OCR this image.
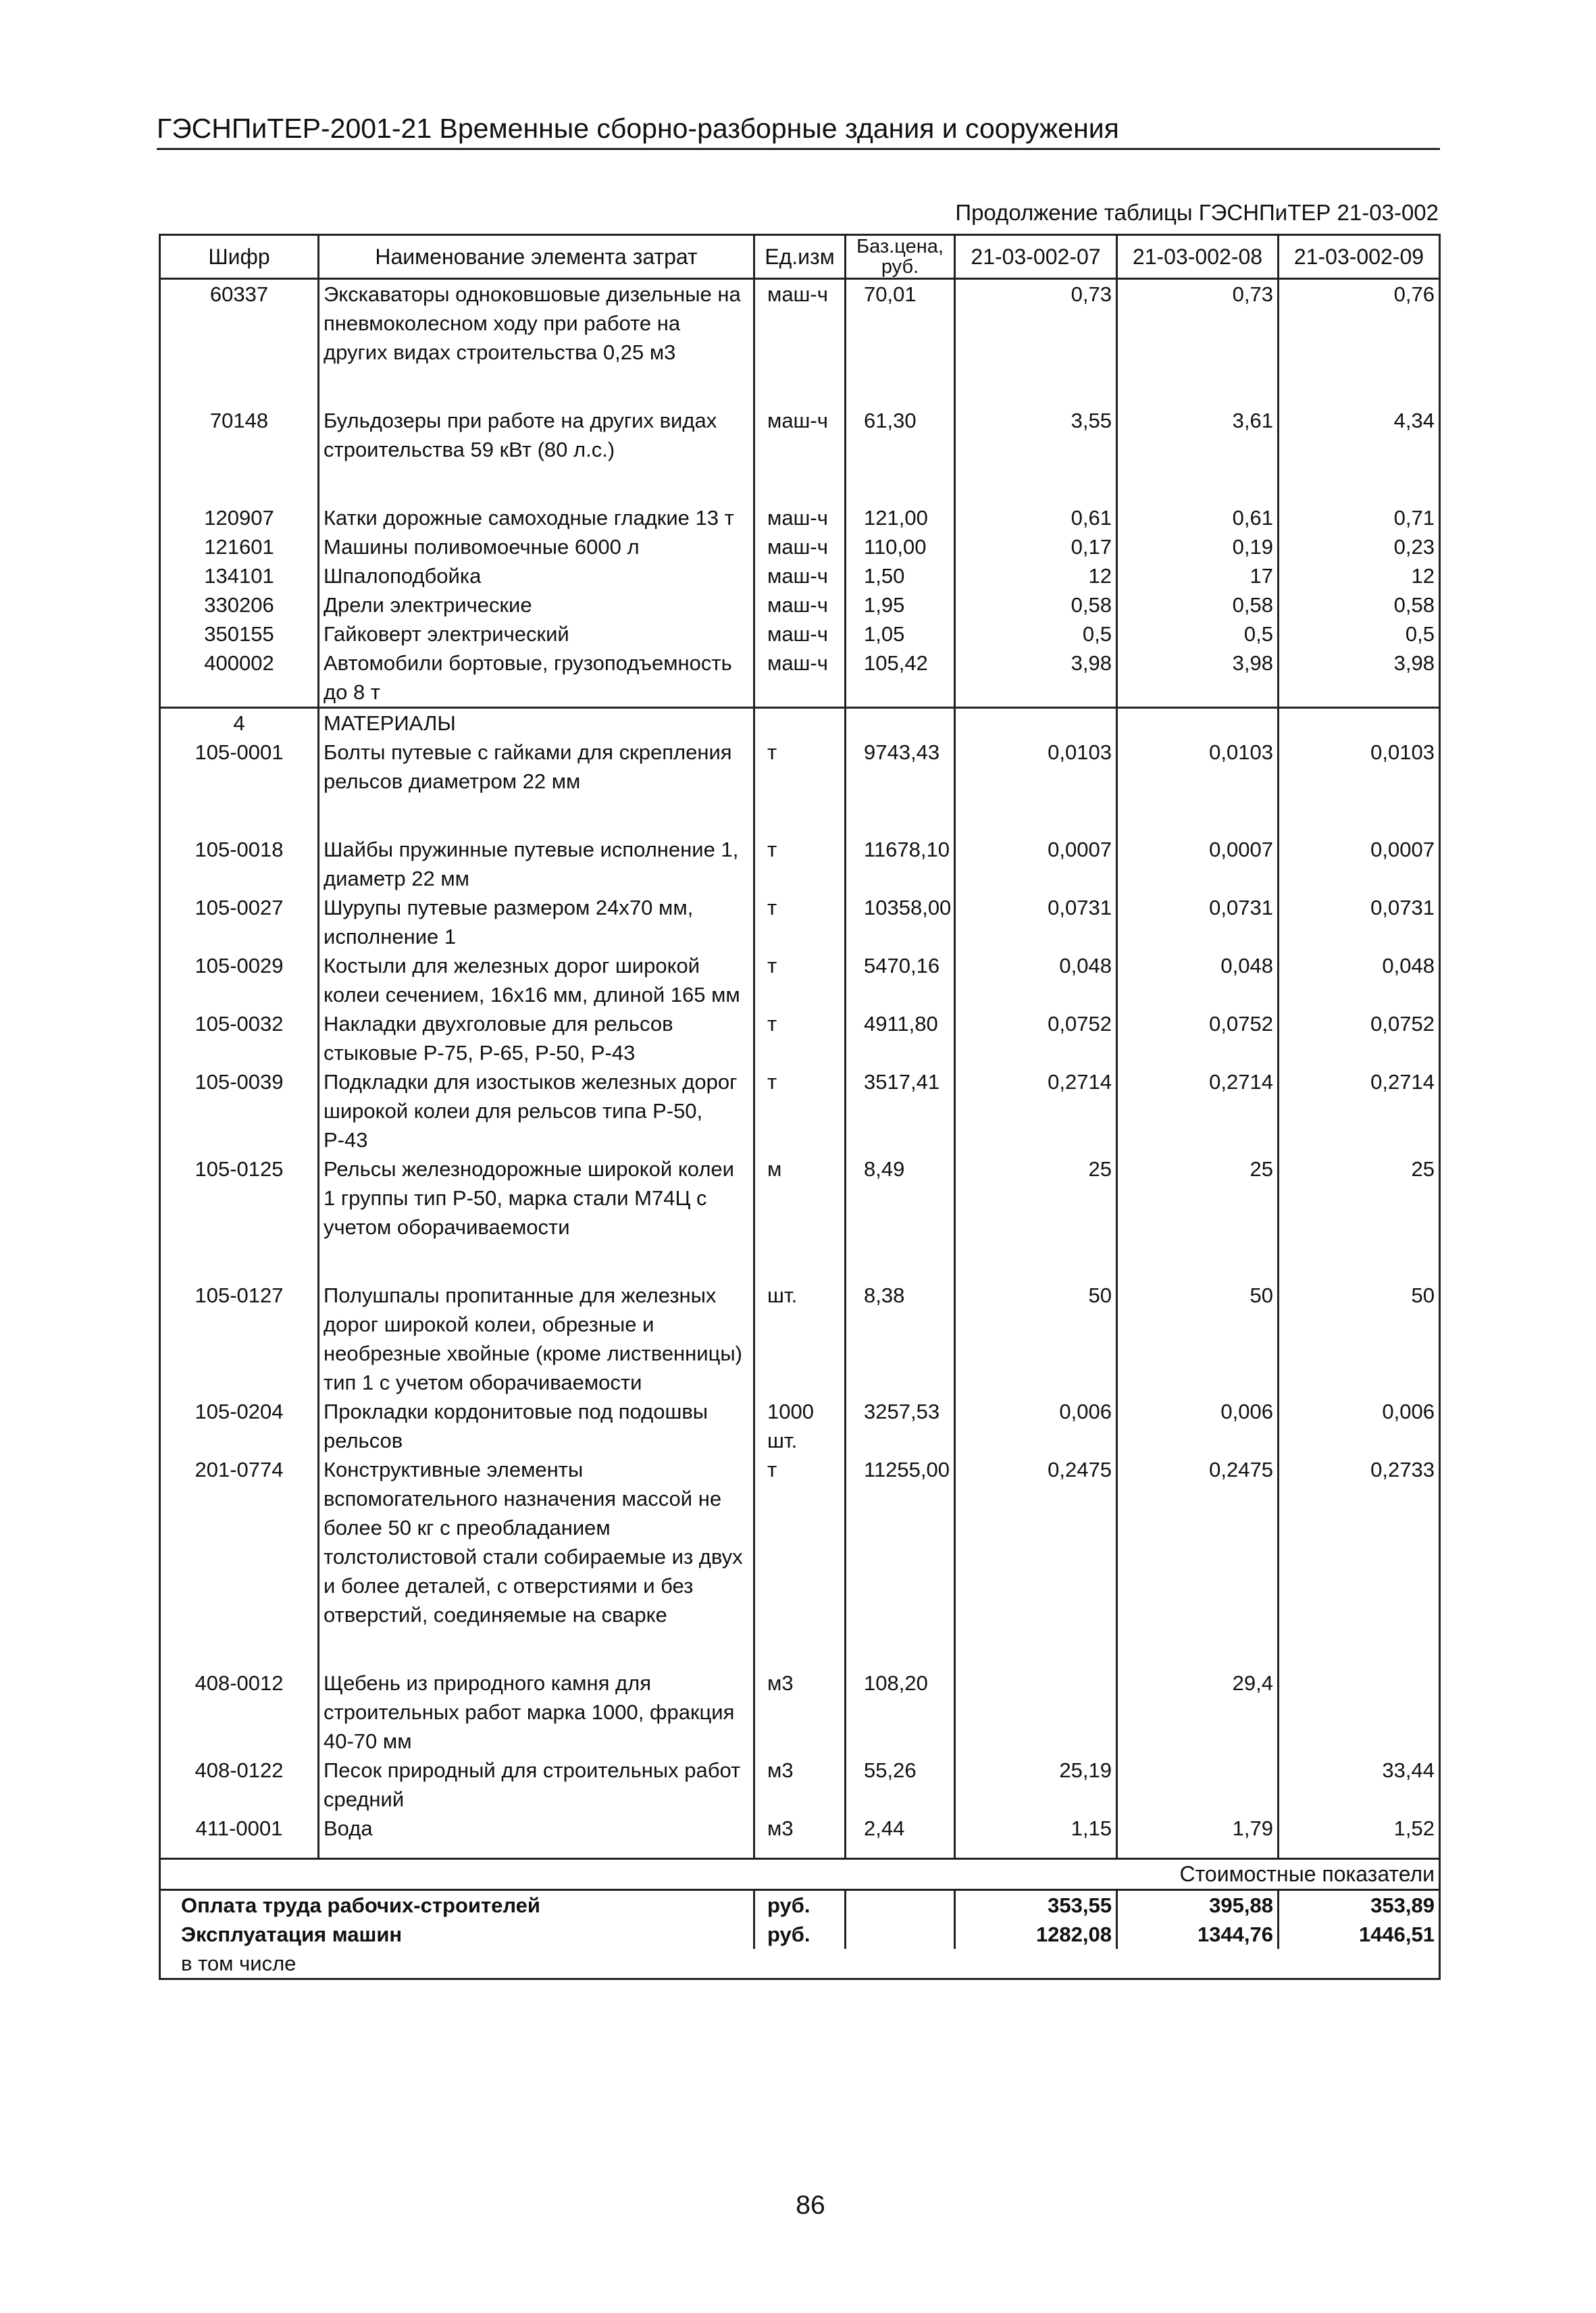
ГЭСНПиТЕР-2001-21 Временные сборно-разборные здания и сооружения
Продолжение таблицы ГЭСНПиТЕР 21-03-002
Шифр	Наименование элемента затрат	Ед.изм	Баз.цена, руб.	21-03-002-07	21-03-002-08	21-03-002-09
60337	Экскаваторы одноковшовые дизельные на пневмоколесном ходу при работе на других видах строительства 0,25 м3	маш-ч	70,01	0,73	0,73	0,76

70148	Бульдозеры при работе на других видах строительства 59 кВт (80 л.с.)	маш-ч	61,30	3,55	3,61	4,34

120907	Катки дорожные самоходные гладкие 13 т	маш-ч	121,00	0,61	0,61	0,71
121601	Машины поливомоечные 6000 л	маш-ч	110,00	0,17	0,19	0,23
134101	Шпалоподбойка	маш-ч	1,50	12	17	12
330206	Дрели электрические	маш-ч	1,95	0,58	0,58	0,58
350155	Гайковерт электрический	маш-ч	1,05	0,5	0,5	0,5
400002	Автомобили бортовые, грузоподъемность до 8 т	маш-ч	105,42	3,98	3,98	3,98
4	МАТЕРИАЛЫ					
105-0001	Болты путевые с гайками для скрепления рельсов диаметром 22 мм	т	9743,43	0,0103	0,0103	0,0103

105-0018	Шайбы пружинные путевые исполнение 1, диаметр 22 мм	т	11678,10	0,0007	0,0007	0,0007
105-0027	Шурупы путевые размером 24х70 мм, исполнение 1	т	10358,00	0,0731	0,0731	0,0731
105-0029	Костыли для железных дорог широкой колеи сечением, 16х16 мм, длиной 165 мм	т	5470,16	0,048	0,048	0,048
105-0032	Накладки двухголовые для рельсов стыковые Р-75, Р-65, Р-50, Р-43	т	4911,80	0,0752	0,0752	0,0752
105-0039	Подкладки для изостыков железных дорог широкой колеи для рельсов типа Р-50, Р-43	т	3517,41	0,2714	0,2714	0,2714
105-0125	Рельсы железнодорожные широкой колеи 1 группы тип Р-50, марка стали М74Ц с учетом оборачиваемости	м	8,49	25	25	25

105-0127	Полушпалы пропитанные для железных дорог широкой колеи, обрезные и необрезные хвойные (кроме лиственницы) тип 1 с учетом оборачиваемости	шт.	8,38	50	50	50
105-0204	Прокладки кордонитовые под подошвы рельсов	1000 шт.	3257,53	0,006	0,006	0,006
201-0774	Конструктивные элементы вспомогательного назначения массой не более 50 кг с преобладанием толстолистовой стали собираемые из двух и более деталей, с отверстиями и без отверстий, соединяемые на сварке	т	11255,00	0,2475	0,2475	0,2733

408-0012	Щебень из природного камня для строительных работ марка 1000, фракция 40-70 мм	м3	108,20		29,4	
408-0122	Песок природный для строительных работ средний	м3	55,26	25,19		33,44
411-0001	Вода	м3	2,44	1,15	1,79	1,52

Стоимостные показатели						
Оплата труда рабочих-строителей		руб.		353,55	395,88	353,89
Эксплуатация машин		руб.		1282,08	1344,76	1446,51
в том числе						
86
